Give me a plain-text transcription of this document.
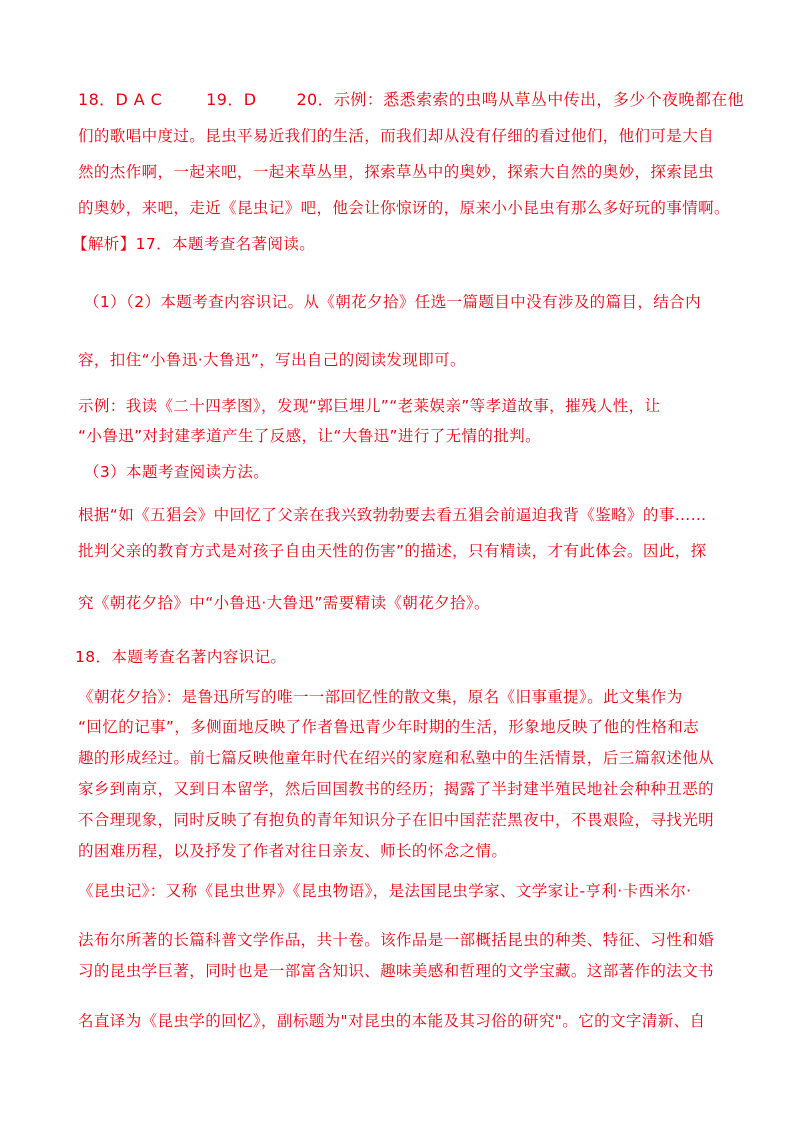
18．D A C	19．D	20．示例：悉悉索索的虫鸣从草丛中传出，多少个夜晚都在他
们的歌唱中度过。昆虫平易近我们的生活，而我们却从没有仔细的看过他们，他们可是大自
然的杰作啊，一起来吧，一起来草丛里，探索草丛中的奥妙，探索大自然的奥妙，探索昆虫
的奥妙，来吧，走近《昆虫记》吧，他会让你惊讶的，原来小小昆虫有那么多好玩的事情啊。
【解析】17．本题考查名著阅读。
（1）（2）本题考查内容识记。从《朝花夕拾》任选一篇题目中没有涉及的篇目，结合内
容，扣住“小鲁迅·大鲁迅”，写出自己的阅读发现即可。
示例：我读《二十四孝图》，发现“郭巨埋儿”“老莱娱亲”等孝道故事，摧残人性，让
“小鲁迅”对封建孝道产生了反感，让“大鲁迅”进行了无情的批判。
（3）本题考查阅读方法。
根据“如《五猖会》中回忆了父亲在我兴致勃勃要去看五猖会前逼迫我背《鉴略》的事……
批判父亲的教育方式是对孩子自由天性的伤害”的描述，只有精读，才有此体会。因此，探
究《朝花夕拾》中“小鲁迅·大鲁迅”需要精读《朝花夕拾》。
18．本题考查名著内容识记。
《朝花夕拾》：是鲁迅所写的唯一一部回忆性的散文集，原名《旧事重提》。此文集作为
“回忆的记事”，多侧面地反映了作者鲁迅青少年时期的生活，形象地反映了他的性格和志
趣的形成经过。前七篇反映他童年时代在绍兴的家庭和私塾中的生活情景，后三篇叙述他从
家乡到南京，又到日本留学，然后回国教书的经历；揭露了半封建半殖民地社会种种丑恶的
不合理现象，同时反映了有抱负的青年知识分子在旧中国茫茫黑夜中，不畏艰险，寻找光明
的困难历程，以及抒发了作者对往日亲友、师长的怀念之情。
《昆虫记》：又称《昆虫世界》《昆虫物语》，是法国昆虫学家、文学家让-亨利·卡西米尔·
法布尔所著的长篇科普文学作品，共十卷。该作品是一部概括昆虫的种类、特征、习性和婚
习的昆虫学巨著，同时也是一部富含知识、趣味美感和哲理的文学宝藏。这部著作的法文书
名直译为《昆虫学的回忆》，副标题为"对昆虫的本能及其习俗的研究"。它的文字清新、自
